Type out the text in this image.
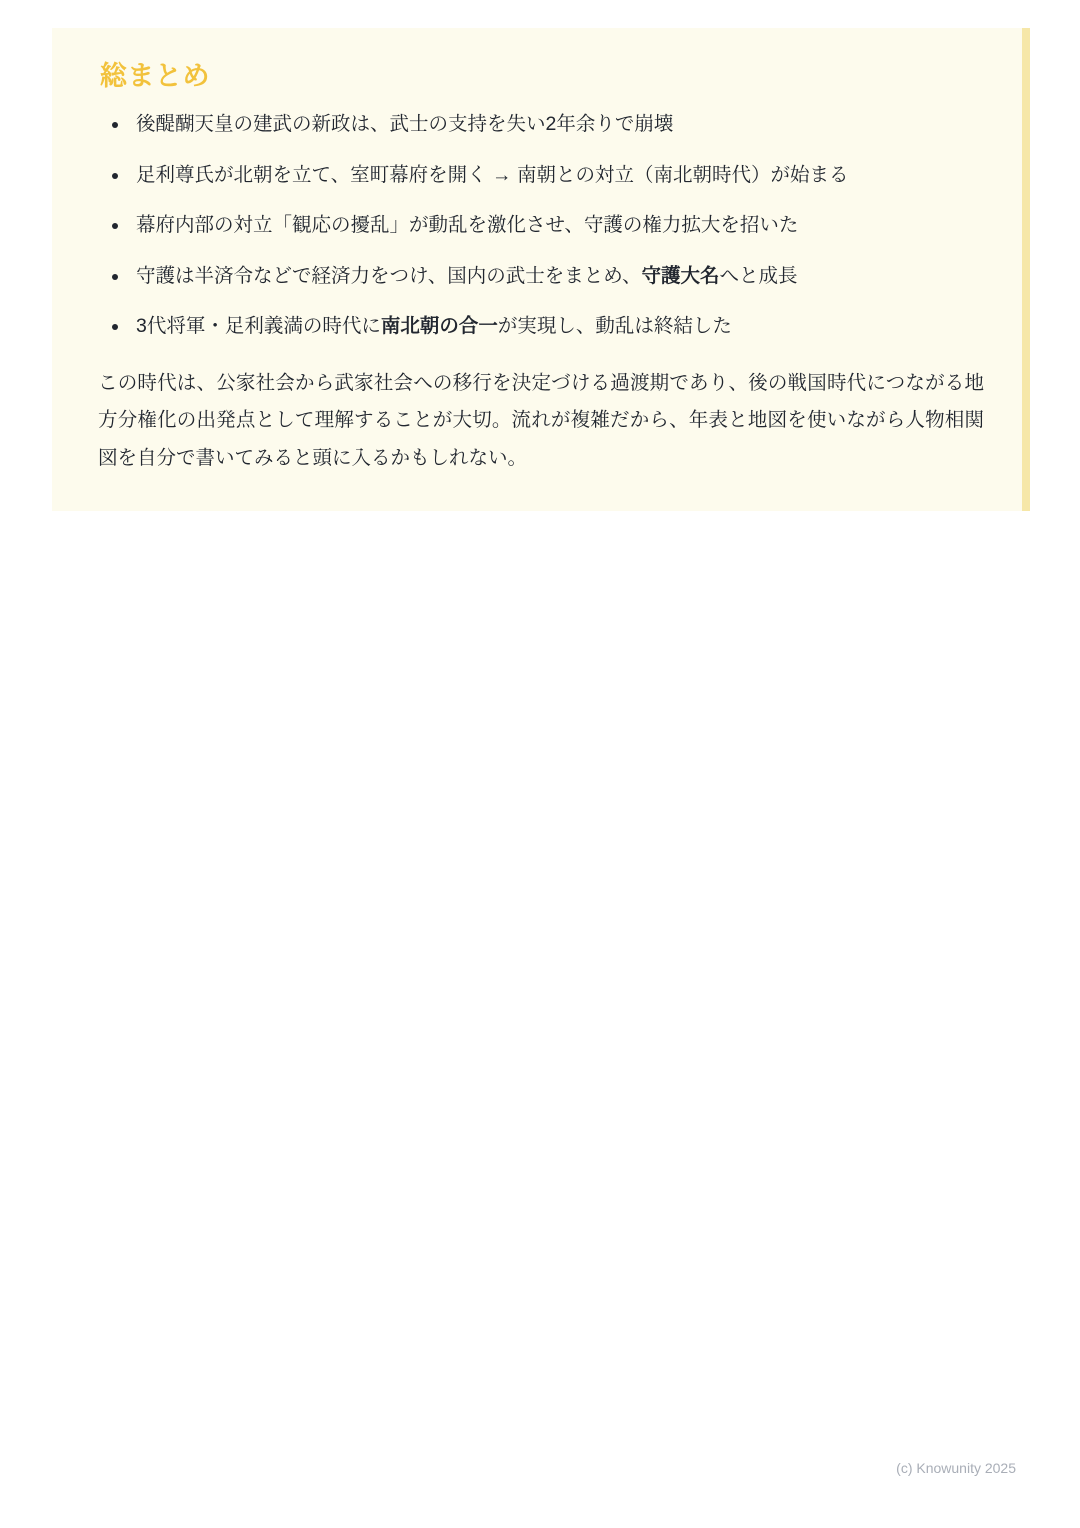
総まとめ
後醍醐天皇の建武の新政は、武士の支持を失い2年余りで崩壊
足利尊氏が北朝を立て、室町幕府を開く → 南朝との対立（南北朝時代）が始まる
幕府内部の対立「観応の擾乱」が動乱を激化させ、守護の権力拡大を招いた
守護は半済令などで経済力をつけ、国内の武士をまとめ、守護大名へと成長
3代将軍・足利義満の時代に南北朝の合一が実現し、動乱は終結した

この時代は、公家社会から武家社会への移行を決定づける過渡期であり、後の戦国時代につながる地方分権化の出発点として理解することが大切。流れが複雑だから、年表と地図を使いながら人物相関図を自分で書いてみると頭に入るかもしれない。

(c) Knowunity 2025
